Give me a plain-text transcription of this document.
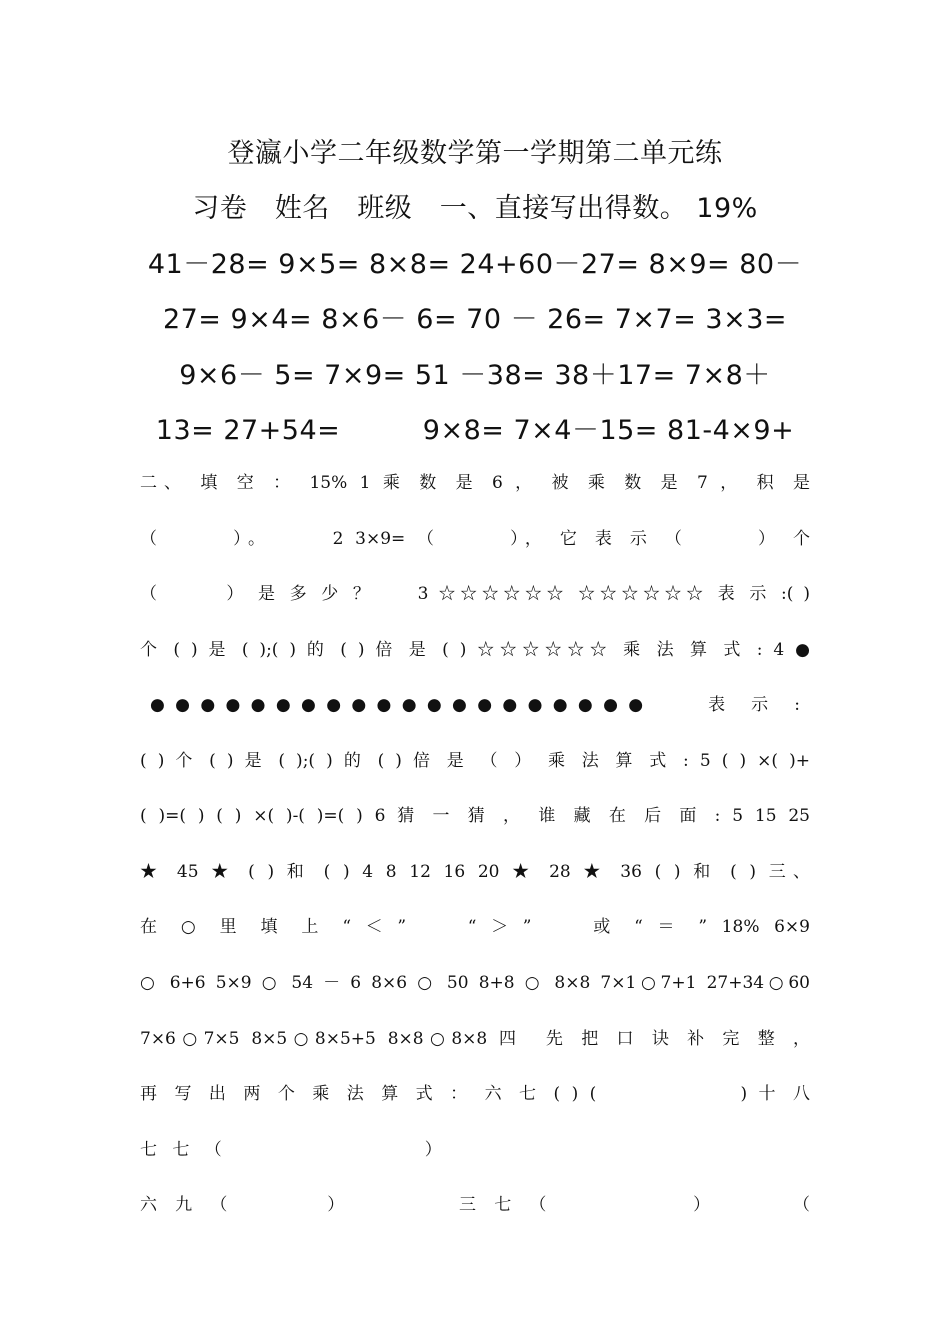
登瀛小学二年级数学第一学期第二单元练
习卷　姓名　班级　一、直接写出得数。 19%
41－28= 9×5= 8×8= 24+60－27= 8×9= 80－
27= 9×4= 8×6－ 6= 70 － 26= 7×7= 3×3=
9×6－ 5= 7×9= 51 －38= 38＋17= 7×8＋
13= 27+54=　　　9×8= 7×4－15= 81-4×9+
二、 填 空 ： 15% 1 乘 数 是 6 ， 被 乘 数 是 7 ， 积 是
（　　　）。　　　2 3×9= （　　　）， 它 表 示 （　　　） 个
（　　　） 是 多 少 ？　　3 ☆☆☆☆☆☆ ☆☆☆☆☆☆ 表 示 :( )
个 ( ) 是 ( );( ) 的 ( ) 倍 是 ( ) ☆☆☆☆☆☆ 乘 法 算 式 : 4 ●
●●●●●●●●●●●●●●●●●●●●　　表 示 :
( ) 个 ( ) 是 ( );( ) 的 ( ) 倍 是 （ ） 乘 法 算 式 : 5 ( ) ×( )+
( )=( ) ( ) ×( )-( )=( ) 6 猜 一 猜 ， 谁 藏 在 后 面 : 5 15 25
★ 45 ★ ( ) 和 ( ) 4 8 12 16 20 ★ 28 ★ 36 ( ) 和 ( ) 三、
在 ○ 里 填 上 “ ＜ ”　　“ ＞ ”　　或 “ ＝ ” 18% 6×9
○ 6+6 5×9 ○ 54 － 6 8×6 ○ 50 8+8 ○ 8×8 7×1○7+1 27+34○60
7×6○7×5 8×5○8×5+5 8×8○8×8 四　先 把 口 诀 补 完 整 ，
再 写 出 两 个 乘 法 算 式 ： 六 七 ( ) (　　　　　　) 十 八
七 七 （　　　　　　　　　）
六 九 （　　　　）　　　　　三 七 （　　　　　　）　　　　（
